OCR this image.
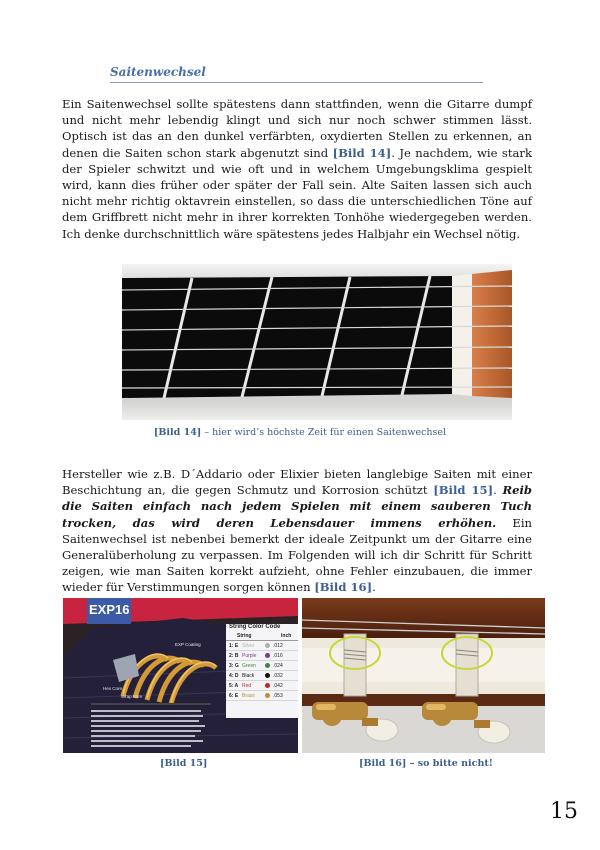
Saitenwechsel

Ein Saitenwechsel sollte spätestens dann stattfinden, wenn die Gitarre dumpf und nicht mehr lebendig klingt und sich nur noch schwer stimmen lässt. Optisch ist das an den dunkel verfärbten, oxydierten Stellen zu erkennen, an denen die Saiten schon stark abgenutzt sind [Bild 14]. Je nachdem, wie stark der Spieler schwitzt und wie oft und in welchem Umgebungsklima gespielt wird, kann dies früher oder später der Fall sein. Alte Saiten lassen sich auch nicht mehr richtig oktavrein einstellen, so dass die unterschiedlichen Töne auf dem Griffbrett nicht mehr in ihrer korrekten Tonhöhe wiedergegeben werden. Ich denke durchschnittlich wäre spätestens jedes Halbjahr ein Wechsel nötig.

[Bild 14] – hier wird’s höchste Zeit für einen Saitenwechsel

Hersteller wie z.B. D´Addario oder Elixier bieten langlebige Saiten mit einer Beschichtung an, die gegen Schmutz und Korrosion schützt [Bild 15]. Reib die Saiten einfach nach jedem Spielen mit einem sauberen Tuch trocken, das wird deren Lebensdauer immens erhöhen. Ein Saitenwechsel ist nebenbei bemerkt der ideale Zeitpunkt um der Gitarre eine Generalüberholung zu verpassen. Im Folgenden will ich dir Schritt für Schritt zeigen, wie man Saiten korrekt aufzieht, ohne Fehler einzubauen, die immer wieder für Verstimmungen sorgen können [Bild 16].

EXP16
EXP Coating
Hex Core
Wrap Wire
String Color Code
String	Inch
1: E Silver	.012
2: B Purple	.016
3: G Green	.024
4: D Black	.032
5: A Red	.042
6: E Brass	.053
[Bild 15]	[Bild 16] – so bitte nicht!
15
